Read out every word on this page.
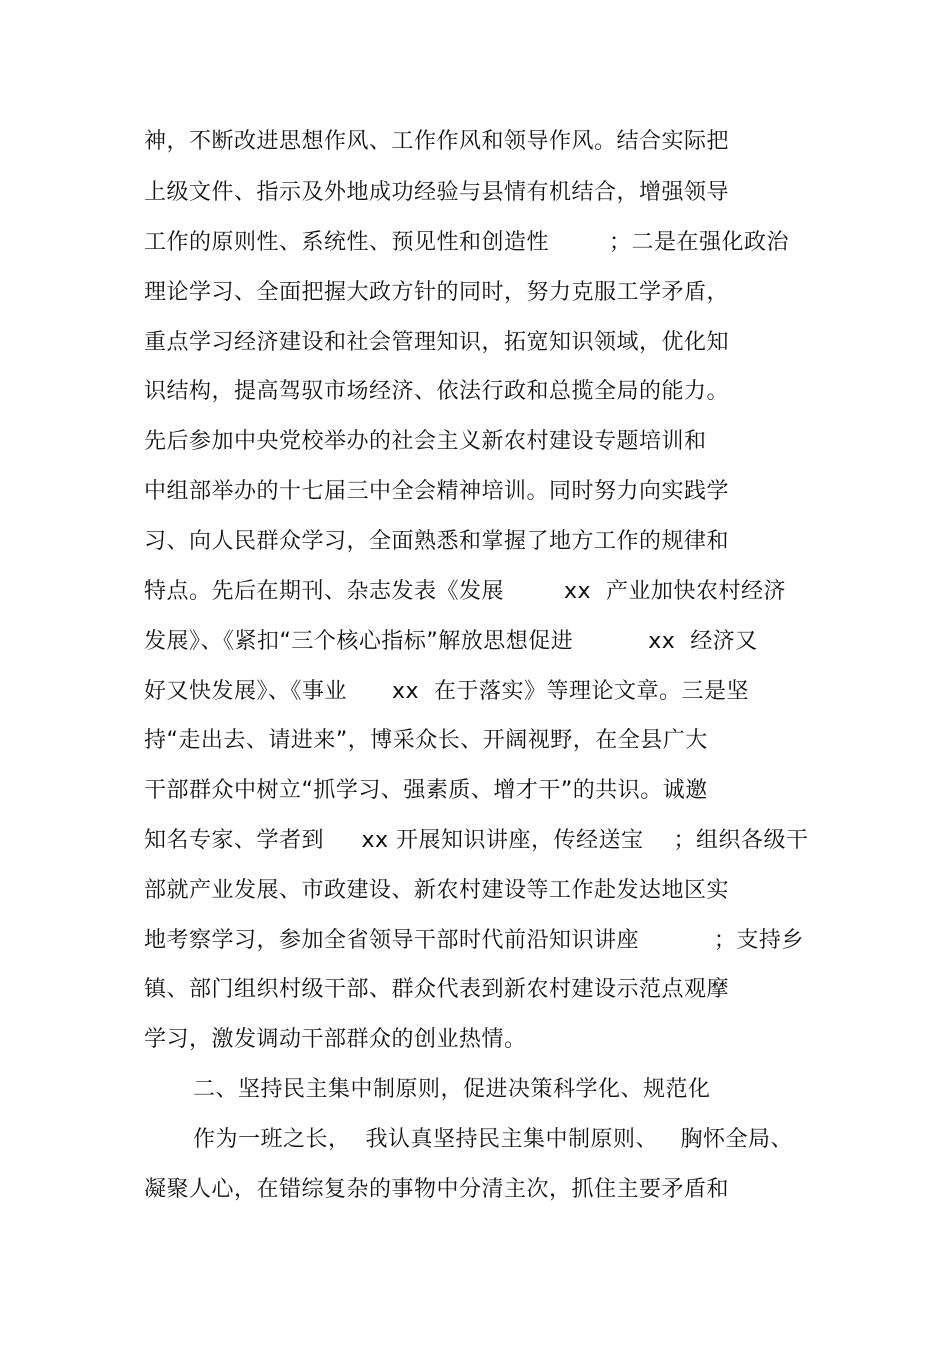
神，不断改进思想作风、工作作风和领导作风。结合实际把
上级文件、指示及外地成功经验与县情有机结合，增强领导
工作的原则性、系统性、预见性和创造性        ；二是在强化政治
理论学习、全面把握大政方针的同时，努力克服工学矛盾，
重点学习经济建设和社会管理知识，拓宽知识领域，优化知
识结构，提高驾驭市场经济、依法行政和总揽全局的能力。
先后参加中央党校举办的社会主义新农村建设专题培训和
中组部举办的十七届三中全会精神培训。同时努力向实践学
习、向人民群众学习，全面熟悉和掌握了地方工作的规律和
特点。先后在期刊、杂志发表《发展        xx  产业加快农村经济
发展》、《紧扣“三个核心指标”解放思想促进          xx  经济又
好又快发展》、《事业      xx  在于落实》等理论文章。三是坚
持“走出去、请进来”，博采众长、开阔视野，在全县广大
干部群众中树立“抓学习、强素质、增才干”的共识。诚邀
知名专家、学者到     xx 开展知识讲座，传经送宝    ；组织各级干
部就产业发展、市政建设、新农村建设等工作赴发达地区实
地考察学习，参加全省领导干部时代前沿知识讲座          ；支持乡
镇、部门组织村级干部、群众代表到新农村建设示范点观摩
学习，激发调动干部群众的创业热情。
二、坚持民主集中制原则，促进决策科学化、规范化
作为一班之长，  我认真坚持民主集中制原则、   胸怀全局、
凝聚人心，在错综复杂的事物中分清主次，抓住主要矛盾和
